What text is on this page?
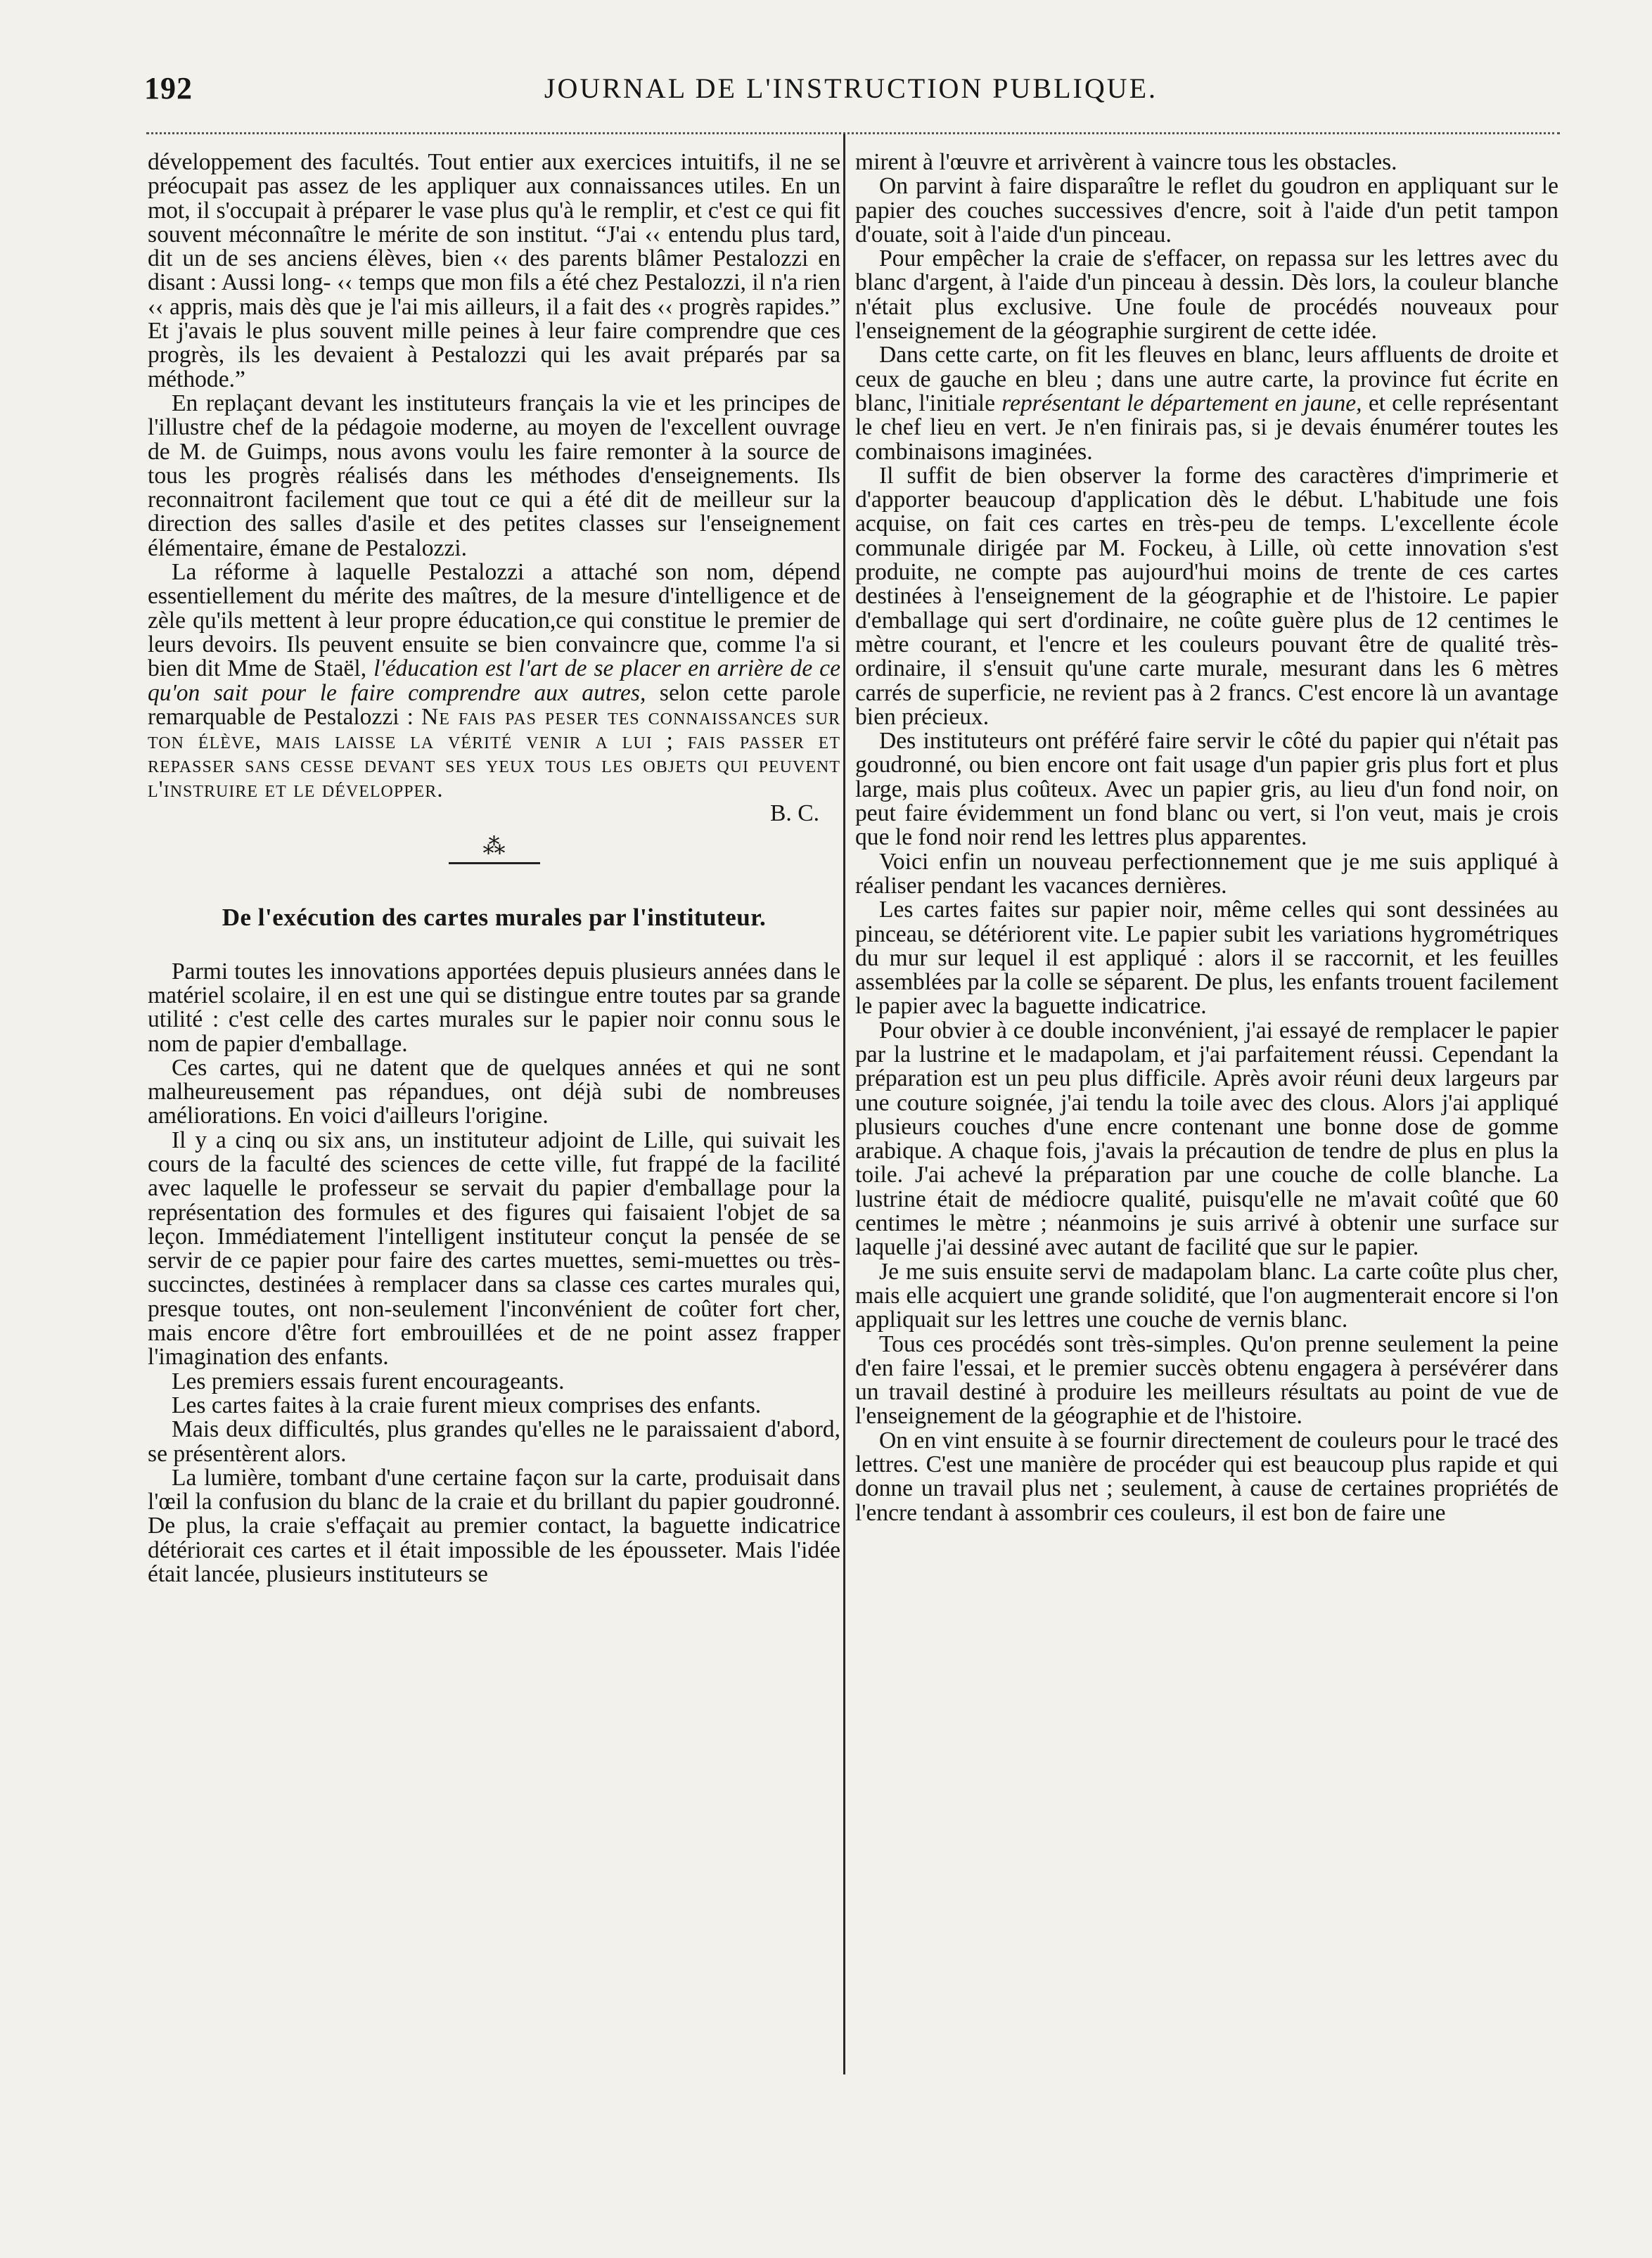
192	JOURNAL DE L'INSTRUCTION PUBLIQUE.

développement des facultés. Tout entier aux exercices intuitifs, il ne se préocupait pas assez de les appliquer aux connaissances utiles. En un mot, il s'occupait à préparer le vase plus qu'à le remplir, et c'est ce qui fit souvent méconnaître le mérite de son institut. “J'ai ‹‹ entendu plus tard, dit un de ses anciens élèves, bien ‹‹ des parents blâmer Pestalozzi en disant : Aussi long- ‹‹ temps que mon fils a été chez Pestalozzi, il n'a rien ‹‹ appris, mais dès que je l'ai mis ailleurs, il a fait des ‹‹ progrès rapides.” Et j'avais le plus souvent mille peines à leur faire comprendre que ces progrès, ils les devaient à Pestalozzi qui les avait préparés par sa méthode.”

En replaçant devant les instituteurs français la vie et les principes de l'illustre chef de la pédagoie moderne, au moyen de l'excellent ouvrage de M. de Guimps, nous avons voulu les faire remonter à la source de tous les progrès réalisés dans les méthodes d'enseignements. Ils reconnaitront facilement que tout ce qui a été dit de meilleur sur la direction des salles d'asile et des petites classes sur l'enseignement élémentaire, émane de Pestalozzi.

La réforme à laquelle Pestalozzi a attaché son nom, dépend essentiellement du mérite des maîtres, de la mesure d'intelligence et de zèle qu'ils mettent à leur propre éducation,ce qui constitue le premier de leurs devoirs. Ils peuvent ensuite se bien convaincre que, comme l'a si bien dit Mme de Staël, l'éducation est l'art de se placer en arrière de ce qu'on sait pour le faire comprendre aux autres, selon cette parole remarquable de Pestalozzi : Ne fais pas peser tes connaissances sur ton élève, mais laisse la vérité venir a lui ; fais passer et repasser sans cesse devant ses yeux tous les objets qui peuvent l'instruire et le développer.

B. C.

⁂
De l'exécution des cartes murales par l'instituteur.

Parmi toutes les innovations apportées depuis plusieurs années dans le matériel scolaire, il en est une qui se distingue entre toutes par sa grande utilité : c'est celle des cartes murales sur le papier noir connu sous le nom de papier d'emballage.

Ces cartes, qui ne datent que de quelques années et qui ne sont malheureusement pas répandues, ont déjà subi de nombreuses améliorations. En voici d'ailleurs l'origine.

Il y a cinq ou six ans, un instituteur adjoint de Lille, qui suivait les cours de la faculté des sciences de cette ville, fut frappé de la facilité avec laquelle le professeur se servait du papier d'emballage pour la représentation des formules et des figures qui faisaient l'objet de sa leçon. Immédiatement l'intelligent instituteur conçut la pensée de se servir de ce papier pour faire des cartes muettes, semi-muettes ou très-succinctes, destinées à remplacer dans sa classe ces cartes murales qui, presque toutes, ont non-seulement l'inconvénient de coûter fort cher, mais encore d'être fort embrouillées et de ne point assez frapper l'imagination des enfants.

Les premiers essais furent encourageants.

Les cartes faites à la craie furent mieux comprises des enfants.

Mais deux difficultés, plus grandes qu'elles ne le paraissaient d'abord, se présentèrent alors.

La lumière, tombant d'une certaine façon sur la carte, produisait dans l'œil la confusion du blanc de la craie et du brillant du papier goudronné. De plus, la craie s'effaçait au premier contact, la baguette indicatrice détériorait ces cartes et il était impossible de les épousseter. Mais l'idée était lancée, plusieurs instituteurs se

mirent à l'œuvre et arrivèrent à vaincre tous les obstacles.

On parvint à faire disparaître le reflet du goudron en appliquant sur le papier des couches successives d'encre, soit à l'aide d'un petit tampon d'ouate, soit à l'aide d'un pinceau.

Pour empêcher la craie de s'effacer, on repassa sur les lettres avec du blanc d'argent, à l'aide d'un pinceau à dessin. Dès lors, la couleur blanche n'était plus exclusive. Une foule de procédés nouveaux pour l'enseignement de la géographie surgirent de cette idée.

Dans cette carte, on fit les fleuves en blanc, leurs affluents de droite et ceux de gauche en bleu ; dans une autre carte, la province fut écrite en blanc, l'initiale représentant le département en jaune, et celle représentant le chef lieu en vert. Je n'en finirais pas, si je devais énumérer toutes les combinaisons imaginées.

Il suffit de bien observer la forme des caractères d'imprimerie et d'apporter beaucoup d'application dès le début. L'habitude une fois acquise, on fait ces cartes en très-peu de temps. L'excellente école communale dirigée par M. Fockeu, à Lille, où cette innovation s'est produite, ne compte pas aujourd'hui moins de trente de ces cartes destinées à l'enseignement de la géographie et de l'histoire. Le papier d'emballage qui sert d'ordinaire, ne coûte guère plus de 12 centimes le mètre courant, et l'encre et les couleurs pouvant être de qualité très-ordinaire, il s'ensuit qu'une carte murale, mesurant dans les 6 mètres carrés de superficie, ne revient pas à 2 francs. C'est encore là un avantage bien précieux.

Des instituteurs ont préféré faire servir le côté du papier qui n'était pas goudronné, ou bien encore ont fait usage d'un papier gris plus fort et plus large, mais plus coûteux. Avec un papier gris, au lieu d'un fond noir, on peut faire évidemment un fond blanc ou vert, si l'on veut, mais je crois que le fond noir rend les lettres plus apparentes.

Voici enfin un nouveau perfectionnement que je me suis appliqué à réaliser pendant les vacances dernières.

Les cartes faites sur papier noir, même celles qui sont dessinées au pinceau, se détériorent vite. Le papier subit les variations hygrométriques du mur sur lequel il est appliqué : alors il se raccornit, et les feuilles assemblées par la colle se séparent. De plus, les enfants trouent facilement le papier avec la baguette indicatrice.

Pour obvier à ce double inconvénient, j'ai essayé de remplacer le papier par la lustrine et le madapolam, et j'ai parfaitement réussi. Cependant la préparation est un peu plus difficile. Après avoir réuni deux largeurs par une couture soignée, j'ai tendu la toile avec des clous. Alors j'ai appliqué plusieurs couches d'une encre contenant une bonne dose de gomme arabique. A chaque fois, j'avais la précaution de tendre de plus en plus la toile. J'ai achevé la préparation par une couche de colle blanche. La lustrine était de médiocre qualité, puisqu'elle ne m'avait coûté que 60 centimes le mètre ; néanmoins je suis arrivé à obtenir une surface sur laquelle j'ai dessiné avec autant de facilité que sur le papier.

Je me suis ensuite servi de madapolam blanc. La carte coûte plus cher, mais elle acquiert une grande solidité, que l'on augmenterait encore si l'on appliquait sur les lettres une couche de vernis blanc.

Tous ces procédés sont très-simples. Qu'on prenne seulement la peine d'en faire l'essai, et le premier succès obtenu engagera à persévérer dans un travail destiné à produire les meilleurs résultats au point de vue de l'enseignement de la géographie et de l'histoire.

On en vint ensuite à se fournir directement de couleurs pour le tracé des lettres. C'est une manière de procéder qui est beaucoup plus rapide et qui donne un travail plus net ; seulement, à cause de certaines propriétés de l'encre tendant à assombrir ces couleurs, il est bon de faire une
